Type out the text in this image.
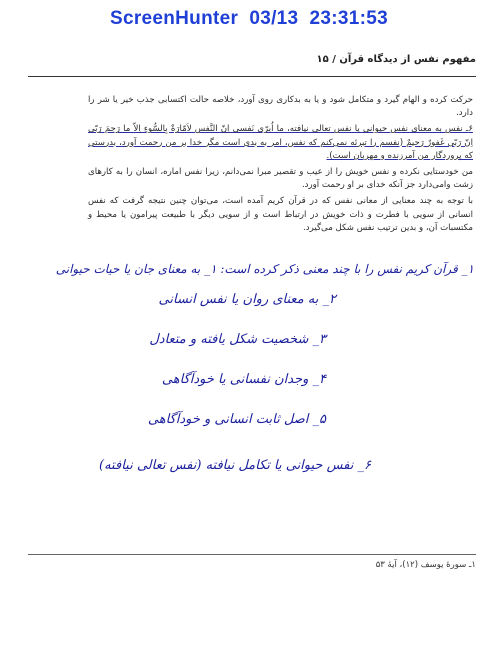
ScreenHunter  03/13  23:31:53
مفهوم نفس از دیدگاه قرآن / ۱۵

حرکت کرده و الهام گیرد و متکامل شود و یا به بدکاری روی آورد، خلاصه حالت اکتسابی جذب خیر یا شر را دارد.

۶ـ نفس به معنای نفس حیوانی یا نفس تعالی نیافته، ما اُبرّی نَفسی اِنّ النَّفس لاَمّارَةٌ بِالسُّوءِ اِلاّ ما رَحِمَ رَبّی اِنّ رَبّی غَفورٌ رَحیمٌ (نفسم را تبرئه نمی‌کنم که نفس، امر به بدی است مگر خدا بر من رحمت آورد، بدرستی که پروردگار من آمرزنده و مهربان است).

من خودستایی نکرده و نفس خویش را از عیب و تقصیر مبرا نمی‌دانم، زیرا نفس اماره، انسان را به کارهای زشت وامی‌دارد جز آنکه خدای بر او رحمت آورد.

با توجه به چند معنایی از معانی نفس که در قرآن کریم آمده است، می‌توان چنین نتیجه گرفت که نفس انسانی از سویی با فطرت و ذات خویش در ارتباط است و از سویی دیگر با طبیعت پیرامون یا محیط و مکتسبات آن، و بدین ترتیب نفس شکل می‌گیرد.

۱_ قرآن کریم نفس را با چند معنی ذکر کرده است: ۱_ به معنای جان یا حیات حیوانی
۲_ به معنای روان یا نفس انسانی
۳_ شخصیت شکل یافته و متعادل
۴_ وجدان نفسانی یا خودآگاهی
۵_ اصل ثابت انسانی و خودآگاهی
۶_ نفس حیوانی یا تکامل نیافته (نفس تعالی نیافته)
۱ـ سورهٔ یوسف (۱۲)، آیهٔ ۵۳
